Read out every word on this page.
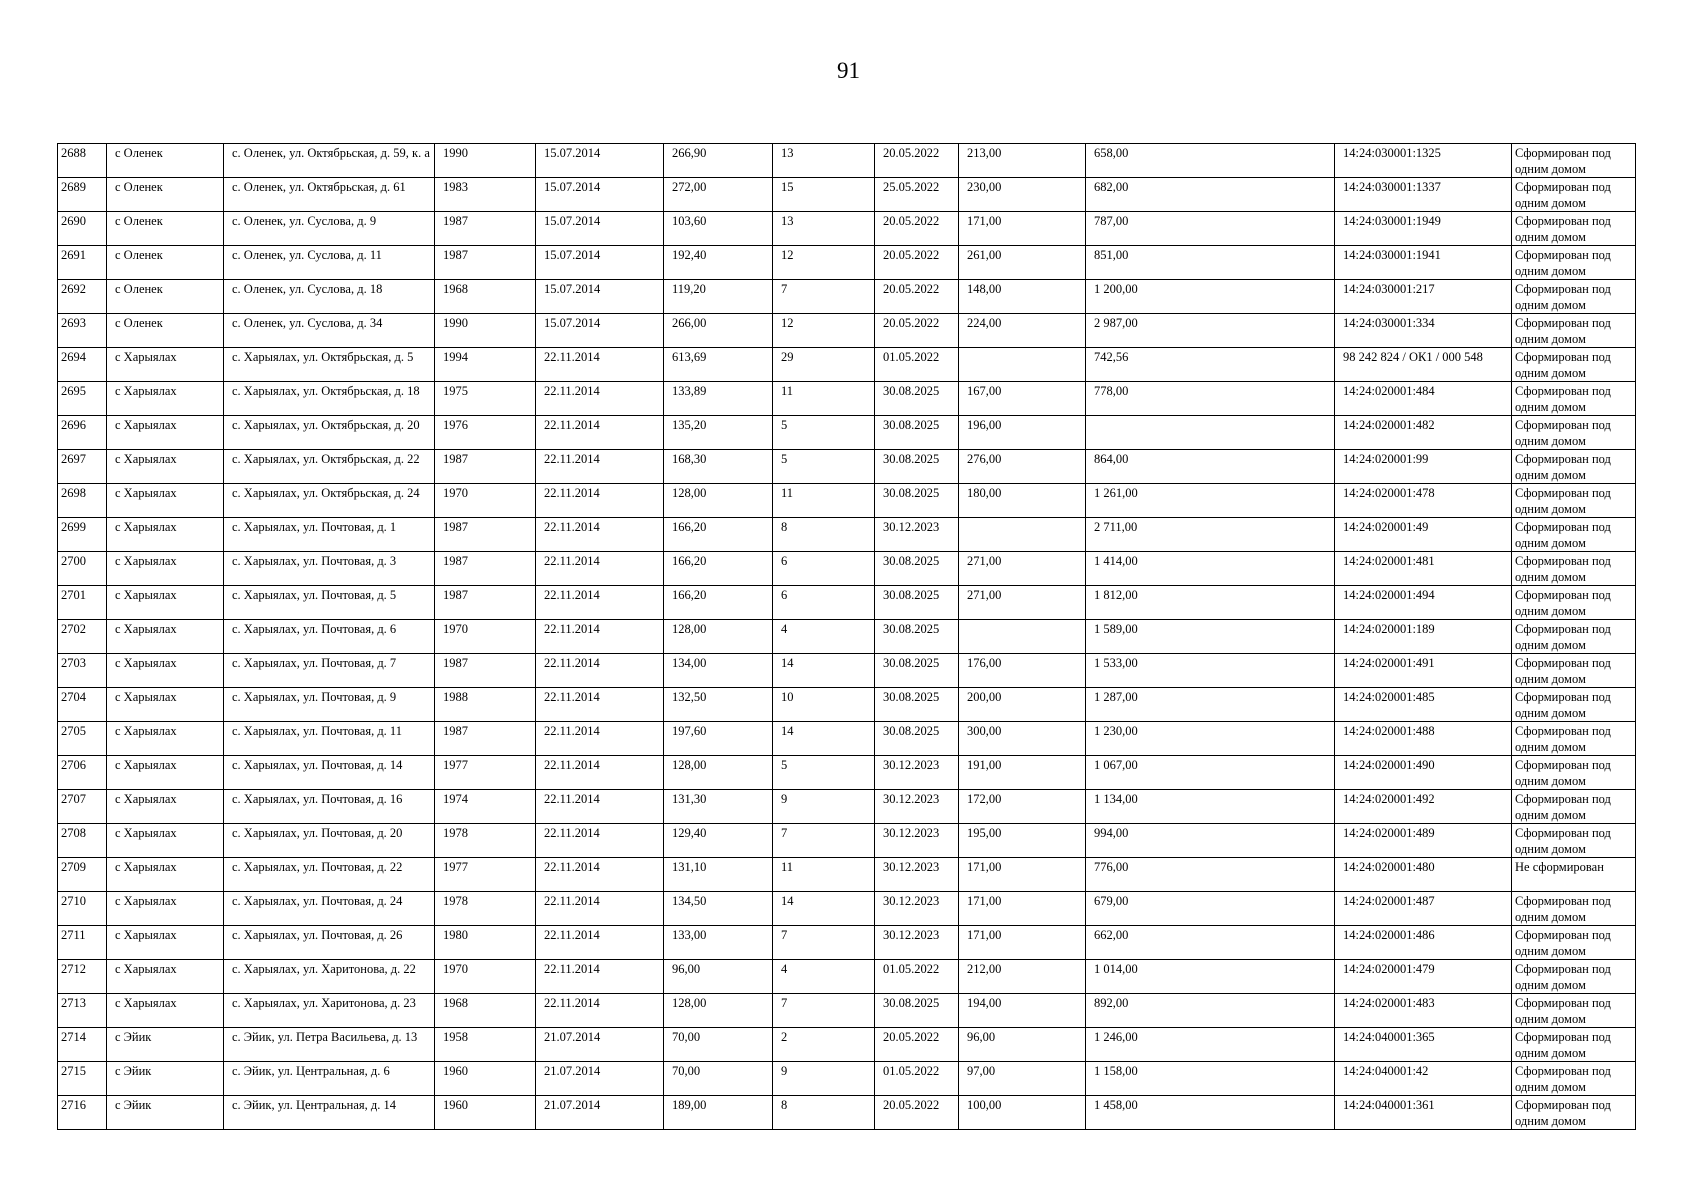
91
2688	с Оленек	с. Оленек, ул. Октябрьская, д. 59, к. а	1990	15.07.2014	266,90	13	20.05.2022	213,00	658,00	14:24:030001:1325	Сформирован под одним домом
2689	с Оленек	с. Оленек, ул. Октябрьская, д. 61	1983	15.07.2014	272,00	15	25.05.2022	230,00	682,00	14:24:030001:1337	Сформирован под одним домом
2690	с Оленек	с. Оленек, ул. Суслова, д. 9	1987	15.07.2014	103,60	13	20.05.2022	171,00	787,00	14:24:030001:1949	Сформирован под одним домом
2691	с Оленек	с. Оленек, ул. Суслова, д. 11	1987	15.07.2014	192,40	12	20.05.2022	261,00	851,00	14:24:030001:1941	Сформирован под одним домом
2692	с Оленек	с. Оленек, ул. Суслова, д. 18	1968	15.07.2014	119,20	7	20.05.2022	148,00	1 200,00	14:24:030001:217	Сформирован под одним домом
2693	с Оленек	с. Оленек, ул. Суслова, д. 34	1990	15.07.2014	266,00	12	20.05.2022	224,00	2 987,00	14:24:030001:334	Сформирован под одним домом
2694	с Харыялах	с. Харыялах, ул. Октябрьская, д. 5	1994	22.11.2014	613,69	29	01.05.2022		742,56	98 242 824 / ОК1 / 000 548	Сформирован под одним домом
2695	с Харыялах	с. Харыялах, ул. Октябрьская, д. 18	1975	22.11.2014	133,89	11	30.08.2025	167,00	778,00	14:24:020001:484	Сформирован под одним домом
2696	с Харыялах	с. Харыялах, ул. Октябрьская, д. 20	1976	22.11.2014	135,20	5	30.08.2025	196,00		14:24:020001:482	Сформирован под одним домом
2697	с Харыялах	с. Харыялах, ул. Октябрьская, д. 22	1987	22.11.2014	168,30	5	30.08.2025	276,00	864,00	14:24:020001:99	Сформирован под одним домом
2698	с Харыялах	с. Харыялах, ул. Октябрьская, д. 24	1970	22.11.2014	128,00	11	30.08.2025	180,00	1 261,00	14:24:020001:478	Сформирован под одним домом
2699	с Харыялах	с. Харыялах, ул. Почтовая, д. 1	1987	22.11.2014	166,20	8	30.12.2023		2 711,00	14:24:020001:49	Сформирован под одним домом
2700	с Харыялах	с. Харыялах, ул. Почтовая, д. 3	1987	22.11.2014	166,20	6	30.08.2025	271,00	1 414,00	14:24:020001:481	Сформирован под одним домом
2701	с Харыялах	с. Харыялах, ул. Почтовая, д. 5	1987	22.11.2014	166,20	6	30.08.2025	271,00	1 812,00	14:24:020001:494	Сформирован под одним домом
2702	с Харыялах	с. Харыялах, ул. Почтовая, д. 6	1970	22.11.2014	128,00	4	30.08.2025		1 589,00	14:24:020001:189	Сформирован под одним домом
2703	с Харыялах	с. Харыялах, ул. Почтовая, д. 7	1987	22.11.2014	134,00	14	30.08.2025	176,00	1 533,00	14:24:020001:491	Сформирован под одним домом
2704	с Харыялах	с. Харыялах, ул. Почтовая, д. 9	1988	22.11.2014	132,50	10	30.08.2025	200,00	1 287,00	14:24:020001:485	Сформирован под одним домом
2705	с Харыялах	с. Харыялах, ул. Почтовая, д. 11	1987	22.11.2014	197,60	14	30.08.2025	300,00	1 230,00	14:24:020001:488	Сформирован под одним домом
2706	с Харыялах	с. Харыялах, ул. Почтовая, д. 14	1977	22.11.2014	128,00	5	30.12.2023	191,00	1 067,00	14:24:020001:490	Сформирован под одним домом
2707	с Харыялах	с. Харыялах, ул. Почтовая, д. 16	1974	22.11.2014	131,30	9	30.12.2023	172,00	1 134,00	14:24:020001:492	Сформирован под одним домом
2708	с Харыялах	с. Харыялах, ул. Почтовая, д. 20	1978	22.11.2014	129,40	7	30.12.2023	195,00	994,00	14:24:020001:489	Сформирован под одним домом
2709	с Харыялах	с. Харыялах, ул. Почтовая, д. 22	1977	22.11.2014	131,10	11	30.12.2023	171,00	776,00	14:24:020001:480	Не сформирован
2710	с Харыялах	с. Харыялах, ул. Почтовая, д. 24	1978	22.11.2014	134,50	14	30.12.2023	171,00	679,00	14:24:020001:487	Сформирован под одним домом
2711	с Харыялах	с. Харыялах, ул. Почтовая, д. 26	1980	22.11.2014	133,00	7	30.12.2023	171,00	662,00	14:24:020001:486	Сформирован под одним домом
2712	с Харыялах	с. Харыялах, ул. Харитонова, д. 22	1970	22.11.2014	96,00	4	01.05.2022	212,00	1 014,00	14:24:020001:479	Сформирован под одним домом
2713	с Харыялах	с. Харыялах, ул. Харитонова, д. 23	1968	22.11.2014	128,00	7	30.08.2025	194,00	892,00	14:24:020001:483	Сформирован под одним домом
2714	с Эйик	с. Эйик, ул. Петра Васильева, д. 13	1958	21.07.2014	70,00	2	20.05.2022	96,00	1 246,00	14:24:040001:365	Сформирован под одним домом
2715	с Эйик	с. Эйик, ул. Центральная, д. 6	1960	21.07.2014	70,00	9	01.05.2022	97,00	1 158,00	14:24:040001:42	Сформирован под одним домом
2716	с Эйик	с. Эйик, ул. Центральная, д. 14	1960	21.07.2014	189,00	8	20.05.2022	100,00	1 458,00	14:24:040001:361	Сформирован под одним домом
